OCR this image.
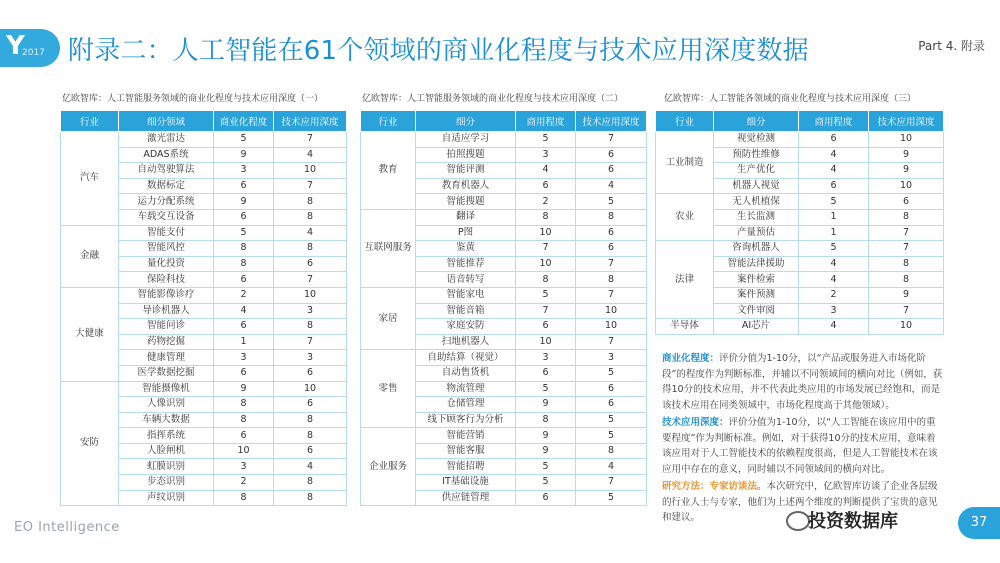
Y
2017 附录二：人工智能在61个领域的商业化程度与技术应用深度数据	Part 4. 附录
亿欧智库：人工智能服务领域的商业化程度与技术应用深度（一）
行业	细分领域	商业化程度	技术应用深度
汽车	激光雷达	5	7
	ADAS系统	9	4
	自动驾驶算法	3	10
	数据标定	6	7
	运力分配系统	9	8
	车载交互设备	6	8
金融	智能支付	5	4
	智能风控	8	8
	量化投资	8	6
	保险科技	6	7
大健康	智能影像诊疗	2	10
	导诊机器人	4	3
	智能问诊	6	8
	药物挖掘	1	7
	健康管理	3	3
	医学数据挖掘	6	6
安防	智能摄像机	9	10
	人像识别	8	6
	车辆大数据	8	8
	指挥系统	6	8
	人脸闸机	10	6
	虹膜识别	3	4
	步态识别	2	8
	声纹识别	8	8
亿欧智库：人工智能服务领域的商业化程度与技术应用深度（二）
行业	细分	商用程度	技术应用深度
教育	自适应学习	5	7
	拍照搜题	3	6
	智能评测	4	6
	教育机器人	6	4
	智能搜题	2	5
互联网服务	翻译	8	8
	P图	10	6
	鉴黄	7	6
	智能推荐	10	7
	语音转写	8	8
家居	智能家电	5	7
	智能音箱	7	10
	家庭安防	6	10
	扫地机器人	10	7
零售	自助结算（视觉）	3	3
	自动售货机	6	5
	物流管理	5	6
	仓储管理	9	6
	线下顾客行为分析	8	5
企业服务	智能营销	9	5
	智能客服	9	8
	智能招聘	5	4
	IT基础设施	5	7
	供应链管理	6	5
亿欧智库：人工智能各领域的商业化程度与技术应用深度（三）
行业	细分	商用程度	技术应用深度
工业制造	视觉检测	6	10
	预防性维修	4	9
	生产优化	4	9
	机器人视觉	6	10
农业	无人机植保	5	6
	生长监测	1	8
	产量预估	1	7
法律	咨询机器人	5	7
	智能法律援助	4	8
	案件检索	4	8
	案件预测	2	9
	文件审阅	3	7
半导体	AI芯片	4	10

商业化程度：评价分值为1-10分，以“产品或服务进入市场化阶段”的程度作为判断标准，并辅以不同领域间的横向对比（例如，获得10分的技术应用，并不代表此类应用的市场发展已经饱和，而是该技术应用在同类领域中，市场化程度高于其他领域）。

技术应用深度：评价分值为1-10分，以“人工智能在该应用中的重要程度”作为判断标准。例如，对于获得10分的技术应用，意味着该应用对于人工智能技术的依赖程度很高，但是人工智能技术在该应用中存在的意义，同时辅以不同领域间的横向对比。

研究方法：专家访谈法。本次研究中，亿欧智库访谈了企业各层级的行业人士与专家，他们为上述两个维度的判断提供了宝贵的意见和建议。

EO Intelligence	投资数据库	37
